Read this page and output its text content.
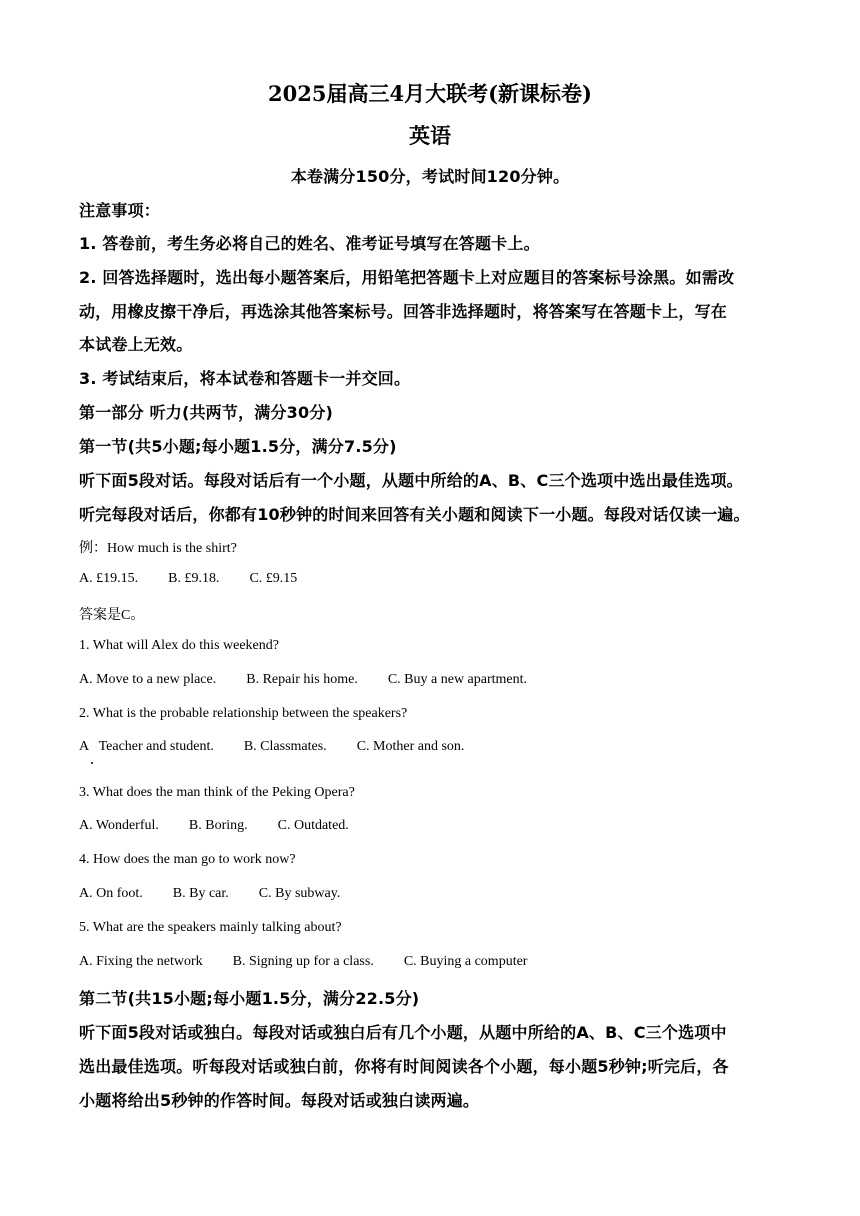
2025届高三4月大联考(新课标卷)
英语
本卷满分150分，考试时间120分钟。
注意事项：
1. 答卷前，考生务必将自己的姓名、准考证号填写在答题卡上。
2. 回答选择题时，选出每小题答案后，用铅笔把答题卡上对应题目的答案标号涂黑。如需改
动，用橡皮擦干净后，再选涂其他答案标号。回答非选择题时，将答案写在答题卡上，写在
本试卷上无效。
3. 考试结束后，将本试卷和答题卡一并交回。
第一部分 听力(共两节，满分30分)
第一节(共5小题;每小题1.5分，满分7.5分)
听下面5段对话。每段对话后有一个小题，从题中所给的A、B、C三个选项中选出最佳选项。
听完每段对话后，你都有10秒钟的时间来回答有关小题和阅读下一小题。每段对话仅读一遍。
例：How much is the shirt?
A. £19.15. B. £9.18. C. £9.15
答案是C。
1. What will Alex do this weekend?
A. Move to a new place. B. Repair his home. C. Buy a new apartment.
2. What is the probable relationship between the speakers?
A   Teacher and student. B. Classmates. C. Mother and son.
3. What does the man think of the Peking Opera?
A. Wonderful. B. Boring. C. Outdated.
4. How does the man go to work now?
A. On foot. B. By car. C. By subway.
5. What are the speakers mainly talking about?
A. Fixing the network B. Signing up for a class. C. Buying a computer
第二节(共15小题;每小题1.5分，满分22.5分)
听下面5段对话或独白。每段对话或独白后有几个小题，从题中所给的A、B、C三个选项中
选出最佳选项。听每段对话或独白前，你将有时间阅读各个小题，每小题5秒钟;听完后，各
小题将给出5秒钟的作答时间。每段对话或独白读两遍。
